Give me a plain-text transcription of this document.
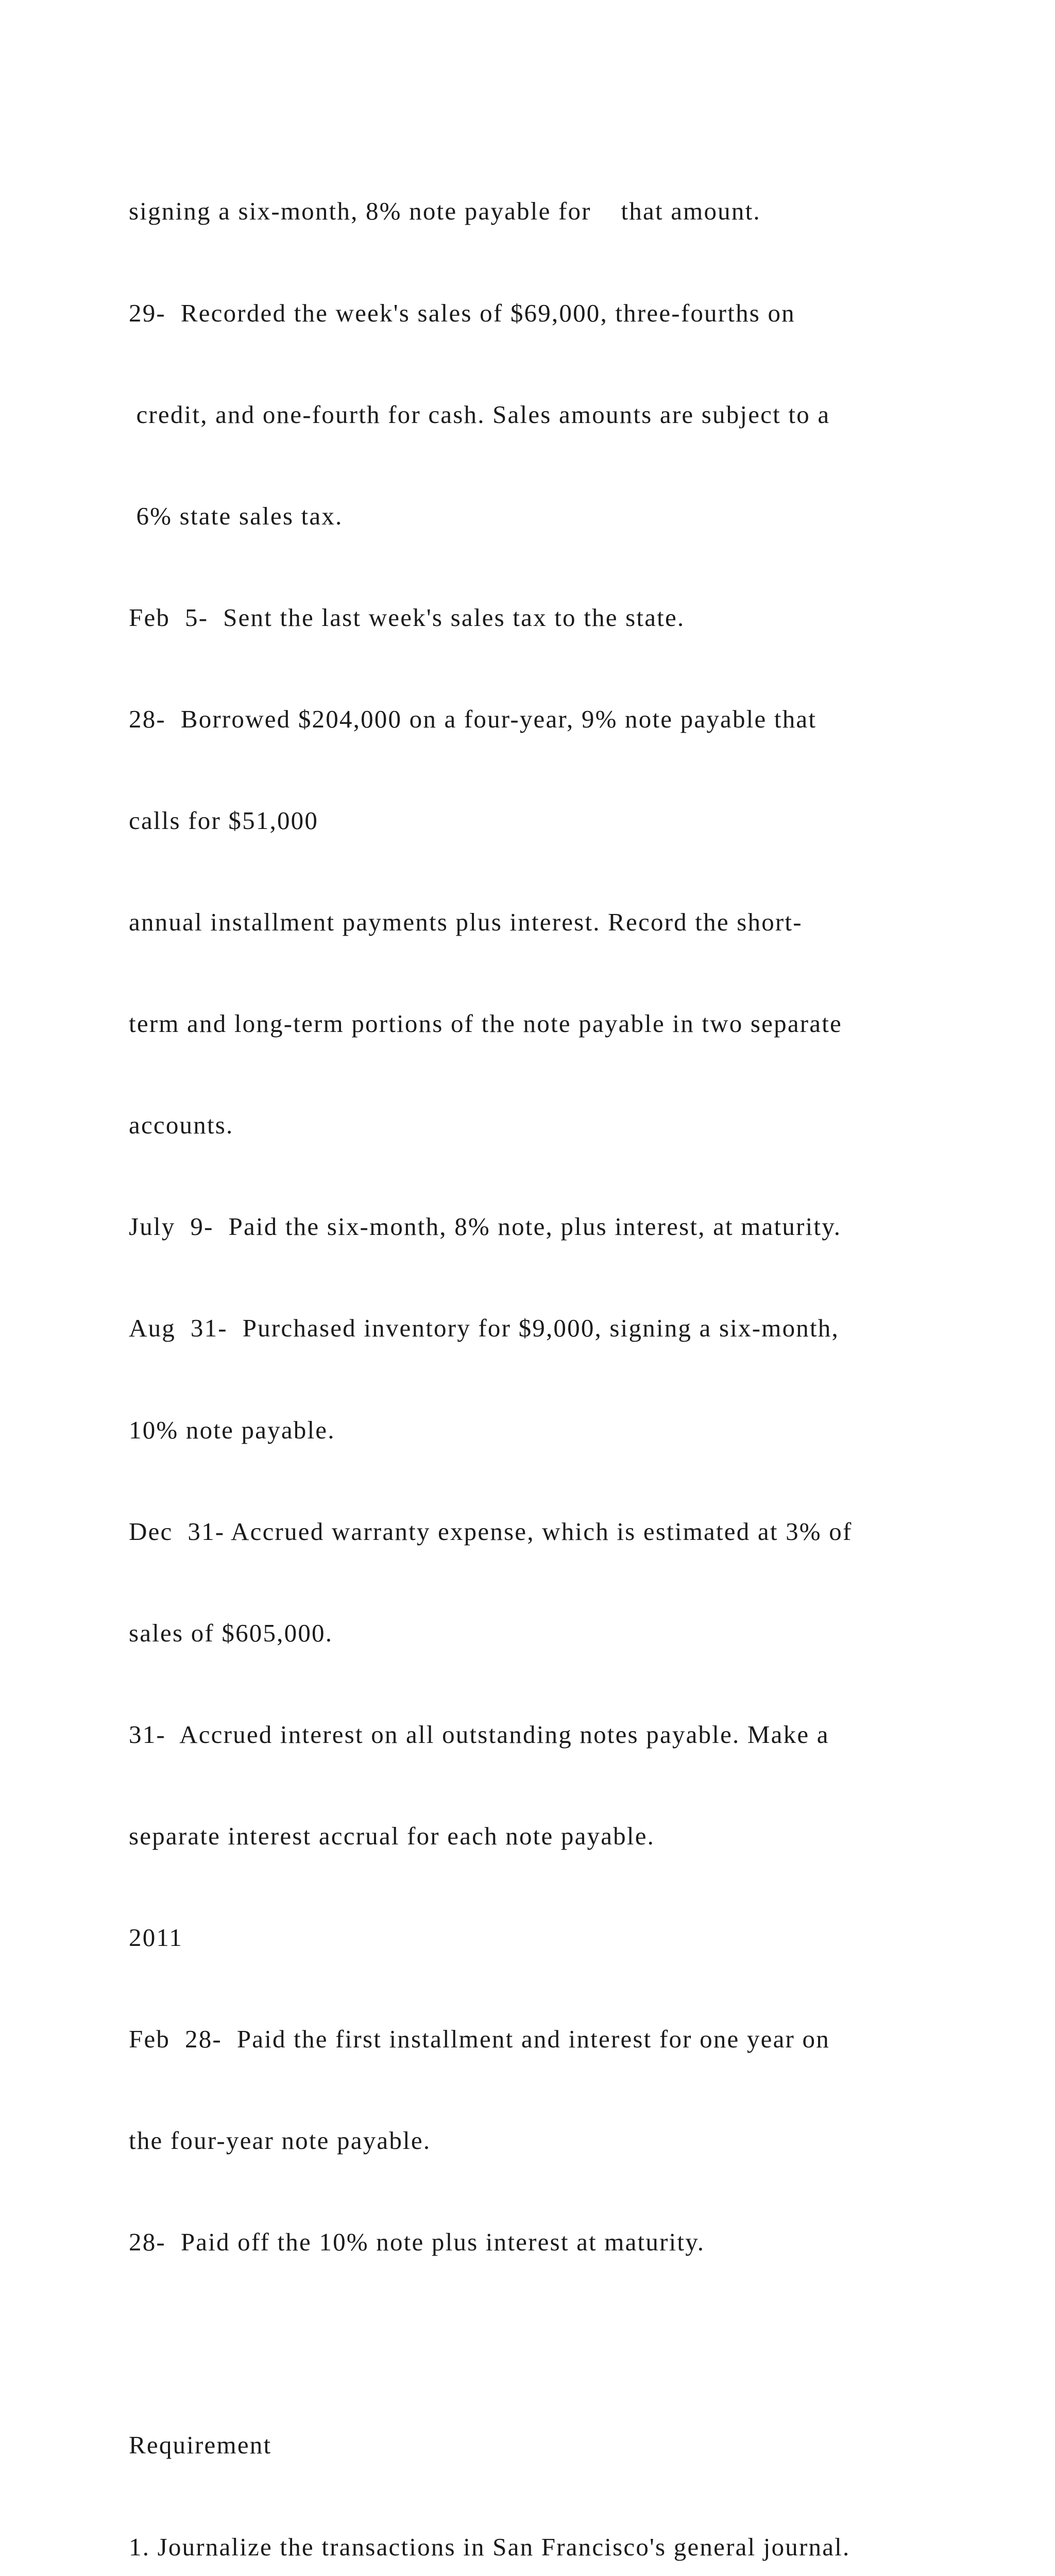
signing a six-month, 8% note payable for    that amount.

29-  Recorded the week's sales of $69,000, three-fourths on

credit, and one-fourth for cash. Sales amounts are subject to a

6% state sales tax.

Feb  5-  Sent the last week's sales tax to the state.

28-  Borrowed $204,000 on a four-year, 9% note payable that

calls for $51,000

annual installment payments plus interest. Record the short-

term and long-term portions of the note payable in two separate

accounts.

July  9-  Paid the six-month, 8% note, plus interest, at maturity.

Aug  31-  Purchased inventory for $9,000, signing a six-month,

10% note payable.

Dec  31- Accrued warranty expense, which is estimated at 3% of

sales of $605,000.

31-  Accrued interest on all outstanding notes payable. Make a

separate interest accrual for each note payable.

2011

Feb  28-  Paid the first installment and interest for one year on

the four-year note payable.

28-  Paid off the 10% note plus interest at maturity.

Requirement

1. Journalize the transactions in San Francisco's general journal.
